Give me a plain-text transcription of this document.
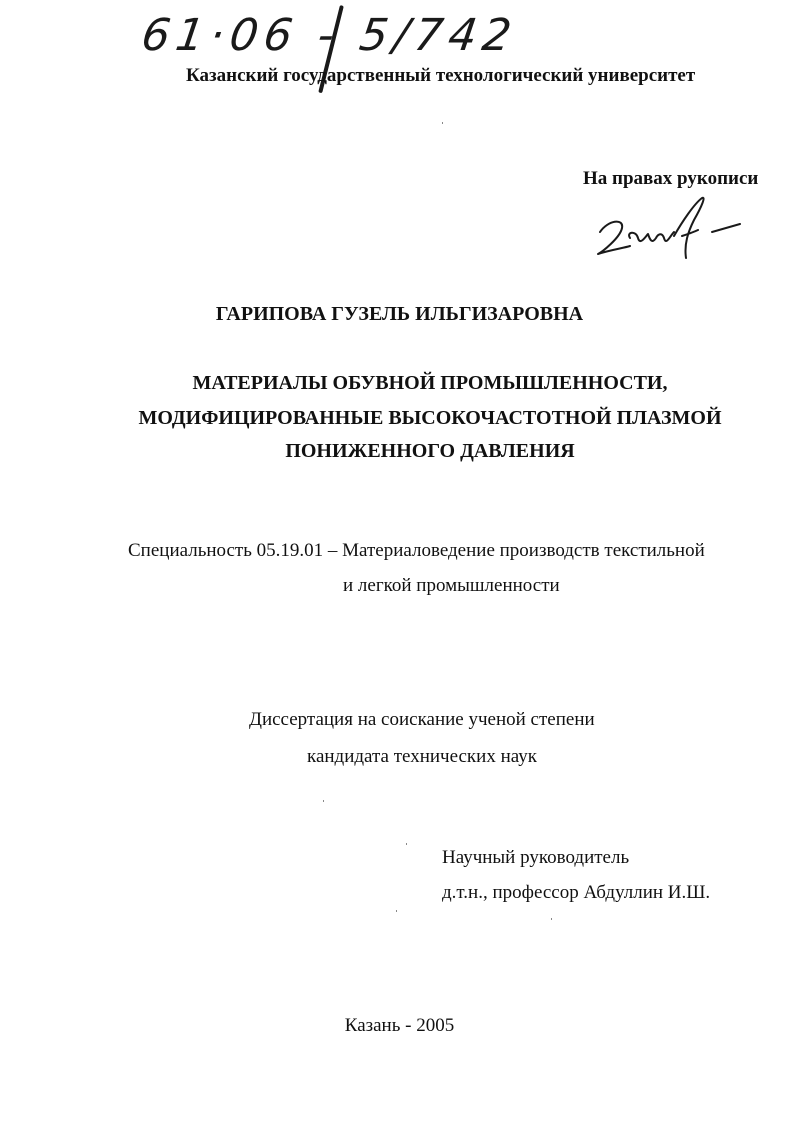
61·06 - 5/742
Казанский государственный технологический университет
На правах рукописи
ГАРИПОВА ГУЗЕЛЬ ИЛЬГИЗАРОВНА
МАТЕРИАЛЫ ОБУВНОЙ ПРОМЫШЛЕННОСТИ,
МОДИФИЦИРОВАННЫЕ ВЫСОКОЧАСТОТНОЙ ПЛАЗМОЙ
ПОНИЖЕННОГО ДАВЛЕНИЯ
Специальность 05.19.01 – Материаловедение производств текстильной
и легкой промышленности
Диссертация на соискание ученой степени
кандидата технических наук
Научный руководитель
д.т.н., профессор Абдуллин И.Ш.
Казань - 2005
